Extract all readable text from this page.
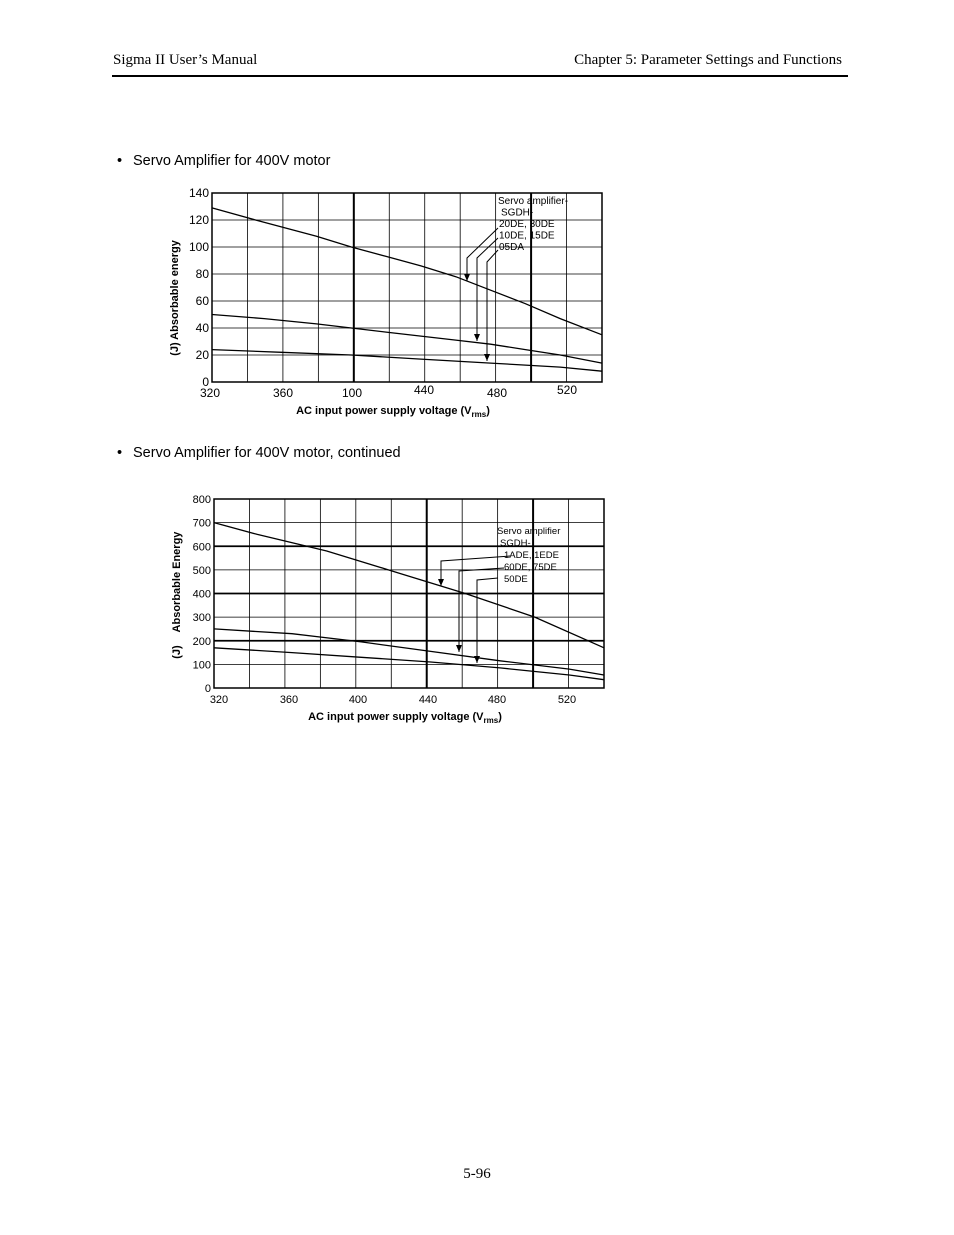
Sigma II User’s Manual	Chapter 5: Parameter Settings and Functions
• Servo Amplifier for 400V motor
• Servo Amplifier for 400V motor, continued
0
20
40
60
80
100
120
140
320	360	100	440	480	520
Absorbable energy
(J)
AC input power supply voltage $(V_{rms})$
Servo amplifier-
SGDH-
20DE, 30DE
10DE, 15DE
05DA
0
100
200
300
400
500
600
700
800
320	360	400	440	480	520
Absorbable Energy
(J)
AC input power supply voltage $(V_{rms})$
Servo amplifier
SGDH-
1ADE, 1EDE
60DE, 75DE
50DE
5-96
